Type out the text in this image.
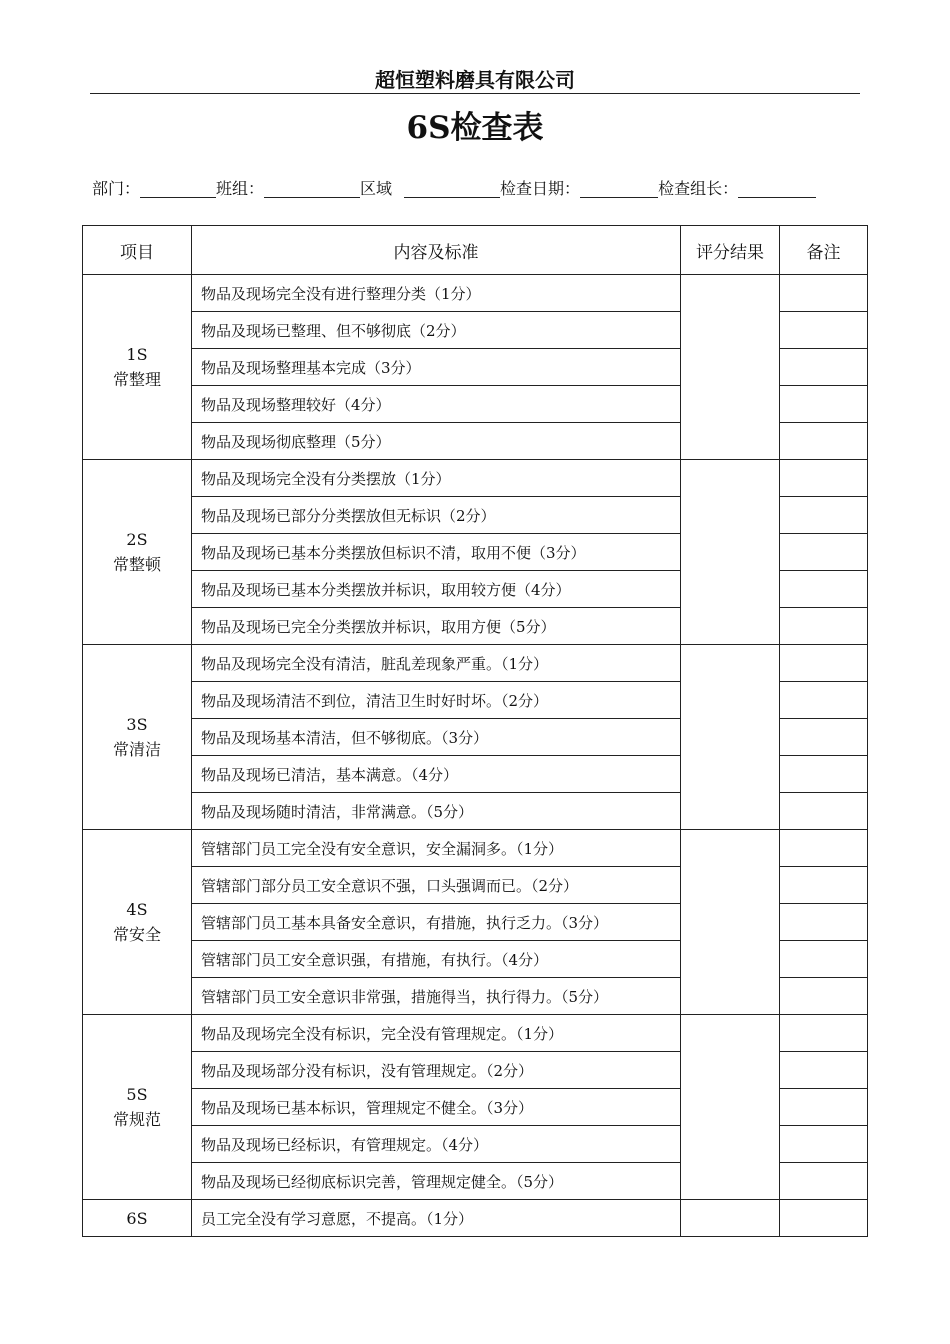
超恒塑料磨具有限公司
6S检查表
部门：	班组：	区域	检查日期：	检查组长：
项目	内容及标准	评分结果	备注

1S
常整理	物品及现场完全没有进行整理分类（1分）		
	物品及现场已整理、但不够彻底（2分）		
	物品及现场整理基本完成（3分）		
	物品及现场整理较好（4分）		
	物品及现场彻底整理（5分）		

2S
常整顿	物品及现场完全没有分类摆放（1分）		
	物品及现场已部分分类摆放但无标识（2分）		
	物品及现场已基本分类摆放但标识不清，取用不便（3分）		
	物品及现场已基本分类摆放并标识，取用较方便（4分）		
	物品及现场已完全分类摆放并标识，取用方便（5分）		

3S
常清洁	物品及现场完全没有清洁，脏乱差现象严重。（1分）		
	物品及现场清洁不到位，清洁卫生时好时坏。（2分）		
	物品及现场基本清洁，但不够彻底。（3分）		
	物品及现场已清洁，基本满意。（4分）		
	物品及现场随时清洁，非常满意。（5分）		

4S
常安全	管辖部门员工完全没有安全意识，安全漏洞多。（1分）		
	管辖部门部分员工安全意识不强，口头强调而已。（2分）		
	管辖部门员工基本具备安全意识，有措施，执行乏力。（3分）		
	管辖部门员工安全意识强，有措施，有执行。（4分）		
	管辖部门员工安全意识非常强，措施得当，执行得力。（5分）		

5S
常规范	物品及现场完全没有标识，完全没有管理规定。（1分）		
	物品及现场部分没有标识，没有管理规定。（2分）		
	物品及现场已基本标识，管理规定不健全。（3分）		
	物品及现场已经标识，有管理规定。（4分）		
	物品及现场已经彻底标识完善，管理规定健全。（5分）		

6S	员工完全没有学习意愿，不提高。（1分）		
